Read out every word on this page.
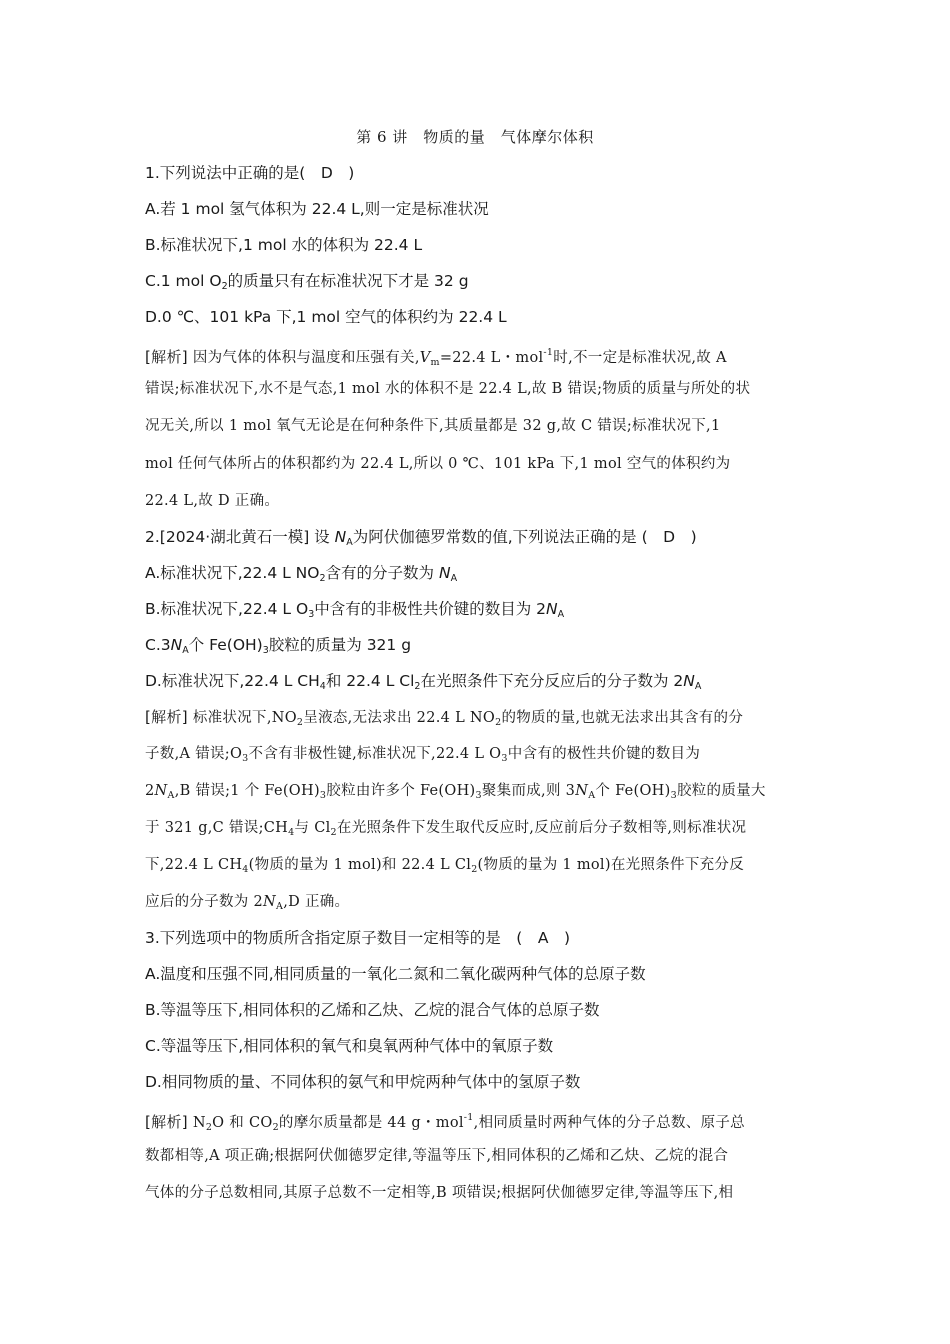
第 6 讲　物质的量　气体摩尔体积
1.下列说法中正确的是(　D　)
A.若 1 mol 氢气体积为 22.4 L,则一定是标准状况
B.标准状况下,1 mol 水的体积为 22.4 L
C.1 mol $O_2$的质量只有在标准状况下才是 32 g
D.0 ℃、101 kPa 下,1 mol 空气的体积约为 22.4 L
[解析] 因为气体的体积与温度和压强有关$,V_m=22.4$ L・mol$^{-1}$时,不一定是标准状况,故 A
错误;标准状况下,水不是气态,1 mol 水的体积不是 22.4 L,故 B 错误;物质的质量与所处的状
况无关,所以 1 mol 氧气无论是在何种条件下,其质量都是 32 g,故 C 错误;标准状况下,1
mol 任何气体所占的体积都约为 22.4 L,所以 0 ℃、101 kPa 下,1 mol 空气的体积约为
22.4 L,故 D 正确。
2.[2024·湖北黄石一模] 设 $N_A$为阿伏伽德罗常数的值,下列说法正确的是 (　D　)
A.标准状况下,22.4 L $NO_2$含有的分子数为 $N_A$
B.标准状况下,22.4 L $O_3$中含有的非极性共价键的数目为 $2N_A$
$C.3N_A$个 $Fe(OH)_3$胶粒的质量为 321 g
D.标准状况下,22.4 L $CH_4$和 22.4 L $Cl_2$在光照条件下充分反应后的分子数为 $2N_A$
[解析] 标准状况下$,NO_2$呈液态,无法求出 22.4 L $NO_2$的物质的量,也就无法求出其含有的分
子数,A 错误$;O_3$不含有非极性键,标准状况下,22.4 L $O_3$中含有的极性共价键的数目为
$2N_A,B$ 错误;1 个 $Fe(OH)_3$胶粒由许多个 $Fe(OH)_3$聚集而成,则 $3N_A$个 $Fe(OH)_3$胶粒的质量大
于 321 g,C 错误$;CH_4$与 $Cl_2$在光照条件下发生取代反应时,反应前后分子数相等,则标准状况
下,22.4 L $CH_4$(物质的量为 1 mol)和 22.4 L $Cl_2$(物质的量为 1 mol)在光照条件下充分反
应后的分子数为 $2N_A,D$ 正确。
3.下列选项中的物质所含指定原子数目一定相等的是　(　A　)
A.温度和压强不同,相同质量的一氧化二氮和二氧化碳两种气体的总原子数
B.等温等压下,相同体积的乙烯和乙炔、乙烷的混合气体的总原子数
C.等温等压下,相同体积的氧气和臭氧两种气体中的氧原子数
D.相同物质的量、不同体积的氨气和甲烷两种气体中的氢原子数
[解析] $N_2O$ 和 $CO_2$的摩尔质量都是 44 g・mol$^{-1}$,相同质量时两种气体的分子总数、原子总
数都相等,A 项正确;根据阿伏伽德罗定律,等温等压下,相同体积的乙烯和乙炔、乙烷的混合
气体的分子总数相同,其原子总数不一定相等,B 项错误;根据阿伏伽德罗定律,等温等压下,相
